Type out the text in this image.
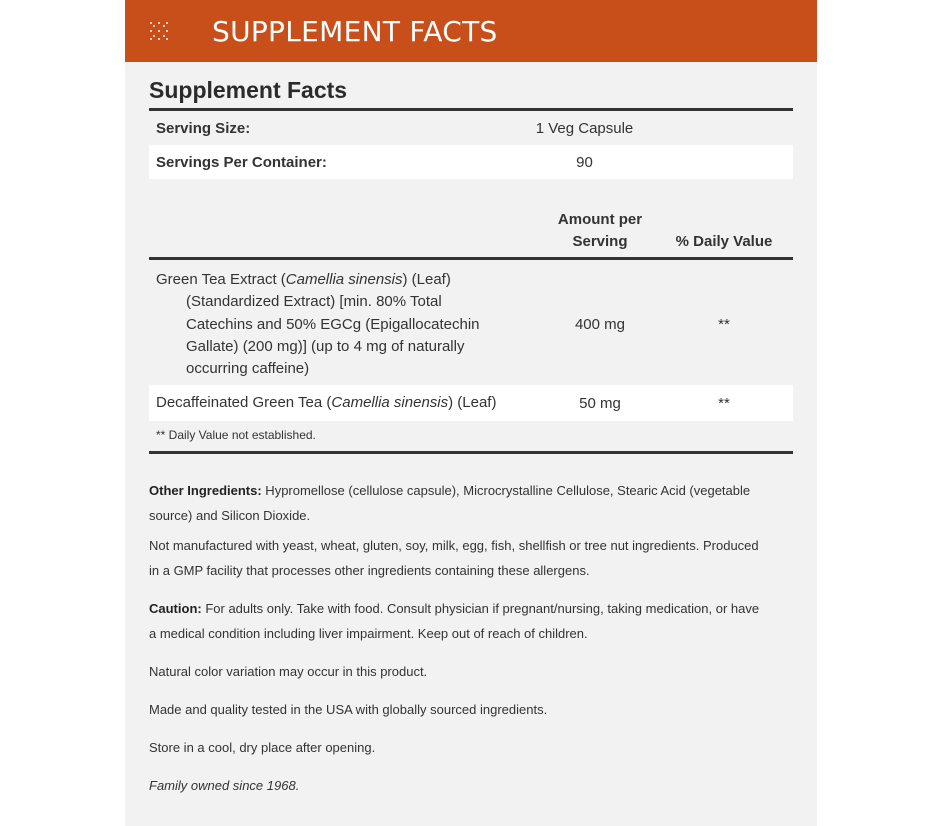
SUPPLEMENT FACTS
Supplement Facts
Serving Size:	1 Veg Capsule
Servings Per Container:	90
Amount per
Serving	% Daily Value
Green Tea Extract (Camellia sinensis) (Leaf)
(Standardized Extract) [min. 80% Total
Catechins and 50% EGCg (Epigallocatechin
Gallate) (200 mg)] (up to 4 mg of naturally
occurring caffeine)
400 mg	**
Decaffeinated Green Tea (Camellia sinensis) (Leaf)	50 mg	**
** Daily Value not established.

Other Ingredients: Hypromellose (cellulose capsule), Microcrystalline Cellulose, Stearic Acid (vegetable
source) and Silicon Dioxide.

Not manufactured with yeast, wheat, gluten, soy, milk, egg, fish, shellfish or tree nut ingredients. Produced
in a GMP facility that processes other ingredients containing these allergens.

Caution: For adults only. Take with food. Consult physician if pregnant/nursing, taking medication, or have
a medical condition including liver impairment. Keep out of reach of children.

Natural color variation may occur in this product.

Made and quality tested in the USA with globally sourced ingredients.

Store in a cool, dry place after opening.

Family owned since 1968.
